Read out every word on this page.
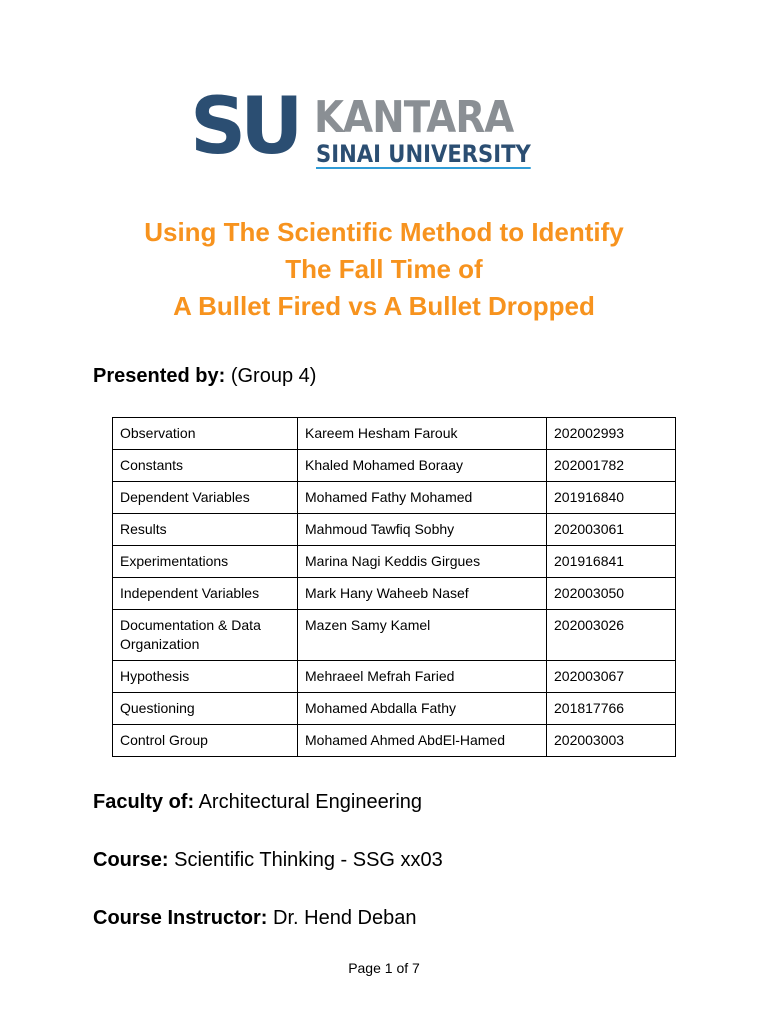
SU KANTARA
SINAI UNIVERSITY
Using The Scientific Method to Identify
The Fall Time of
A Bullet Fired vs A Bullet Dropped
Presented by: (Group 4)
Observation	Kareem Hesham Farouk	202002993
Constants	Khaled Mohamed Boraay	202001782
Dependent Variables	Mohamed Fathy Mohamed	201916840
Results	Mahmoud Tawfiq Sobhy	202003061
Experimentations	Marina Nagi Keddis Girgues	201916841
Independent Variables	Mark Hany Waheeb Nasef	202003050
Documentation & Data Organization	Mazen Samy Kamel	202003026
Hypothesis	Mehraeel Mefrah Faried	202003067
Questioning	Mohamed Abdalla Fathy	201817766
Control Group	Mohamed Ahmed AbdEl-Hamed	202003003
Faculty of: Architectural Engineering
Course: Scientific Thinking - SSG xx03
Course Instructor: Dr. Hend Deban
Page 1 of 7
